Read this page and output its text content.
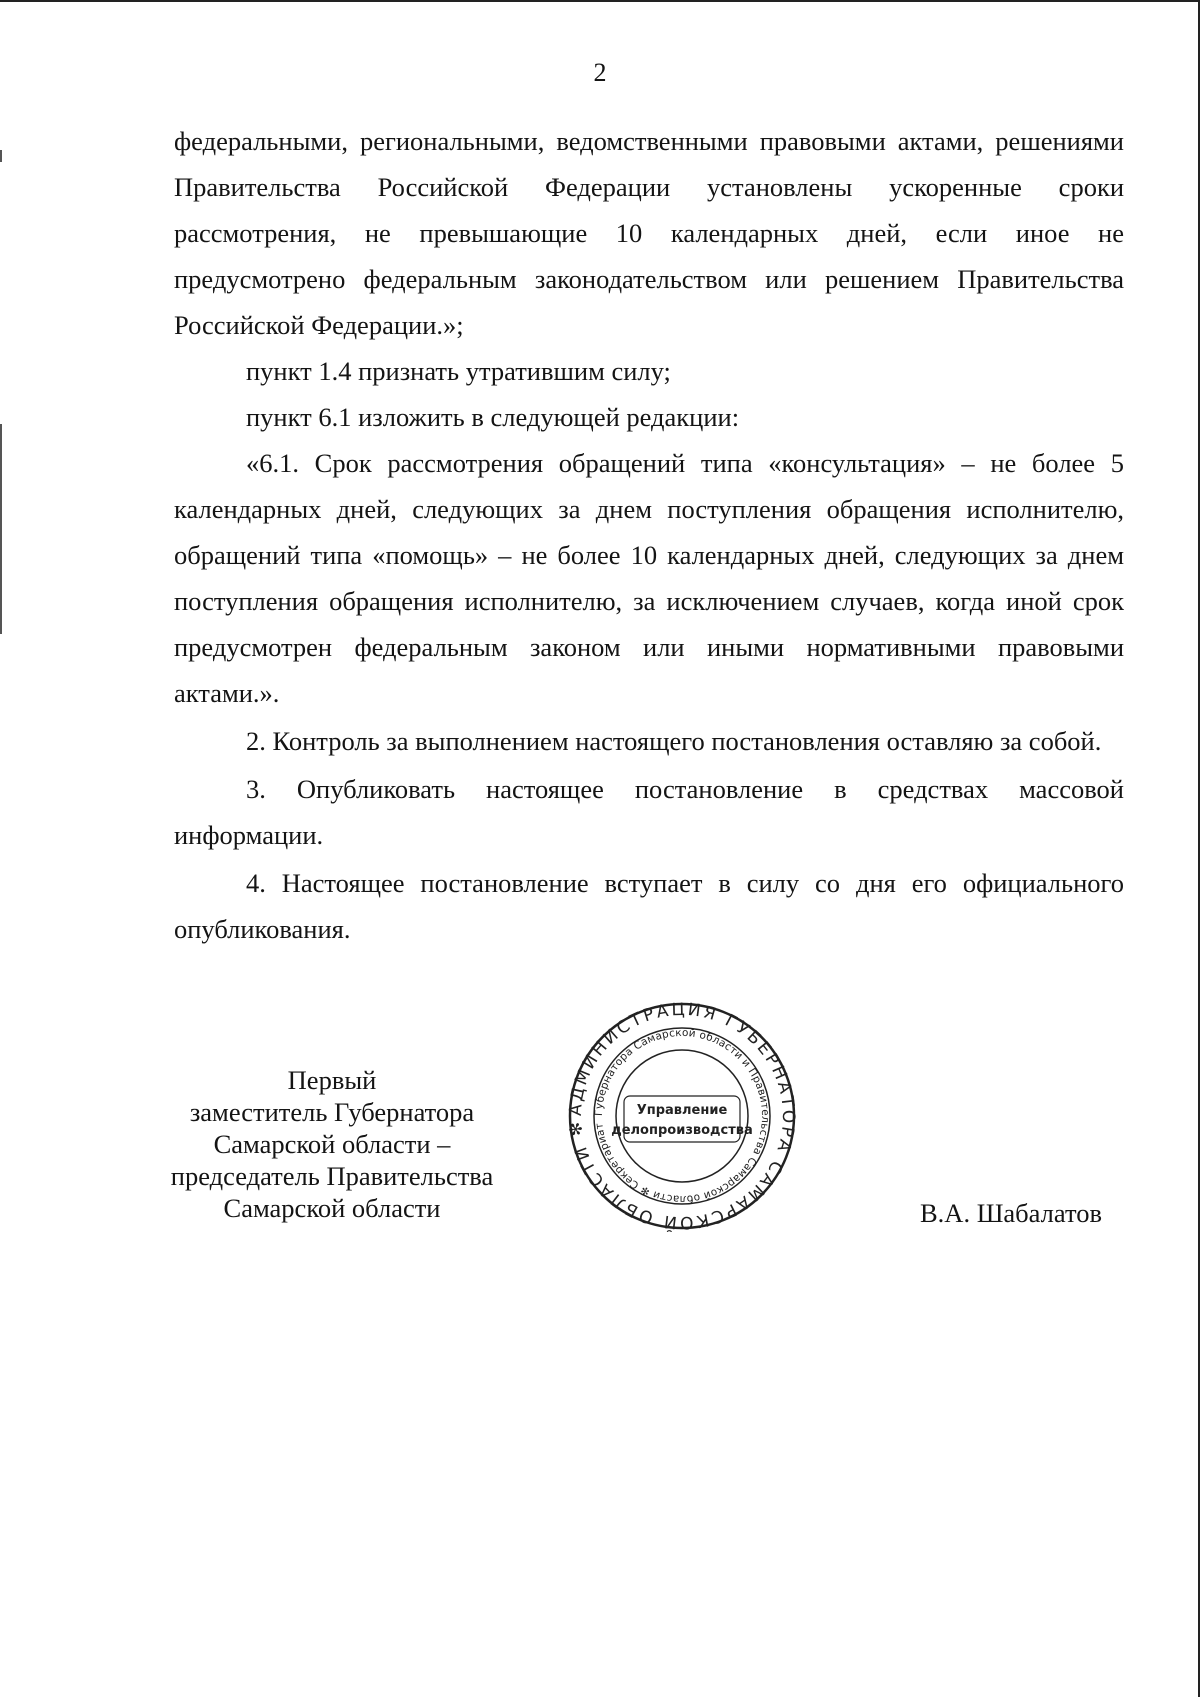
2

федеральными, региональными, ведомственными правовыми актами, решениями Правительства Российской Федерации установлены ускоренные сроки рассмотрения, не превышающие 10 календарных дней, если иное не предусмотрено федеральным законодательством или решением Правительства Российской Федерации.»;

пункт 1.4 признать утратившим силу;

пункт 6.1 изложить в следующей редакции:

«6.1. Срок рассмотрения обращений типа «консультация» – не более 5 календарных дней, следующих за днем поступления обращения исполнителю, обращений типа «помощь» – не более 10 календарных дней, следующих за днем поступления обращения исполнителю, за исключением случаев, когда иной срок предусмотрен федеральным законом или иными нормативными правовыми актами.».

2. Контроль за выполнением настоящего постановления оставляю за собой.

3. Опубликовать настоящее постановление в средствах массовой информации.

4. Настоящее постановление вступает в силу со дня его официального опубликования.

Первый
заместитель Губернатора
Самарской области –
председатель Правительства
Самарской области
АДМИНИСТРАЦИЯ ГУБЕРНАТОРА САМАРСКОЙ ОБЛАСТИ ✻
Губернатора Самарской области и Правительства Самарской области ✻ Секретариат
Управление
делопроизводства
В.А. Шабалатов
